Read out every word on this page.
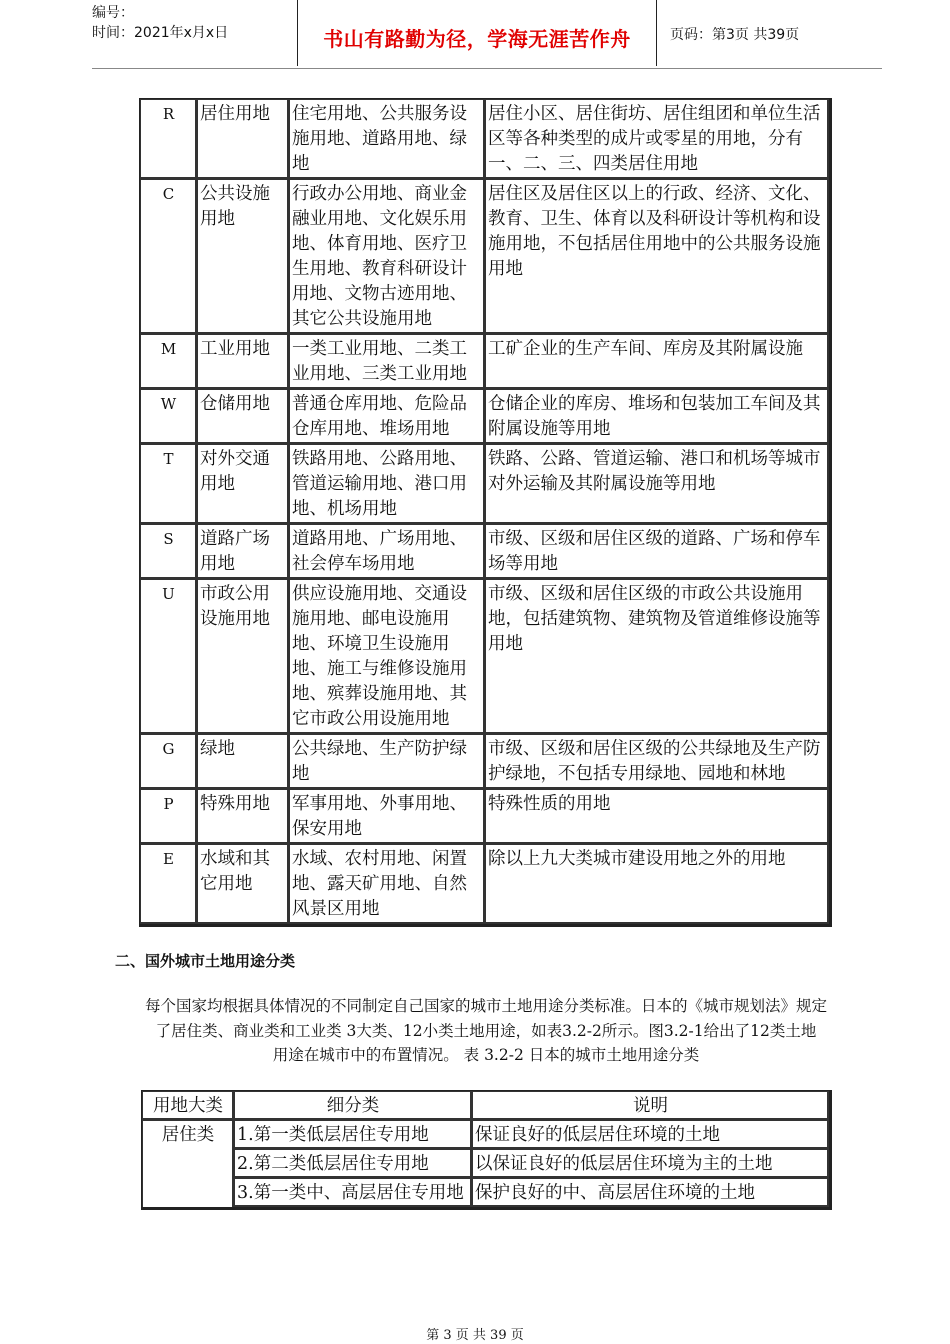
编号：
时间：2021年x月x日	书山有路勤为径，学海无涯苦作舟	页码：第3页 共39页
R	居住用地	住宅用地、公共服务设施用地、道路用地、绿地	居住小区、居住街坊、居住组团和单位生活区等各种类型的成片或零星的用地，分有一、二、三、四类居住用地
C	公共设施用地	行政办公用地、商业金融业用地、文化娱乐用地、体育用地、医疗卫生用地、教育科研设计用地、文物古迹用地、其它公共设施用地	居住区及居住区以上的行政、经济、文化、教育、卫生、体育以及科研设计等机构和设施用地，不包括居住用地中的公共服务设施用地
M	工业用地	一类工业用地、二类工业用地、三类工业用地	工矿企业的生产车间、库房及其附属设施
W	仓储用地	普通仓库用地、危险品仓库用地、堆场用地	仓储企业的库房、堆场和包装加工车间及其附属设施等用地
T	对外交通用地	铁路用地、公路用地、管道运输用地、港口用地、机场用地	铁路、公路、管道运输、港口和机场等城市对外运输及其附属设施等用地
S	道路广场用地	道路用地、广场用地、社会停车场用地	市级、区级和居住区级的道路、广场和停车场等用地
U	市政公用设施用地	供应设施用地、交通设施用地、邮电设施用地、环境卫生设施用地、施工与维修设施用地、殡葬设施用地、其它市政公用设施用地	市级、区级和居住区级的市政公共设施用地，包括建筑物、建筑物及管道维修设施等用地
G	绿地	公共绿地、生产防护绿地	市级、区级和居住区级的公共绿地及生产防护绿地，不包括专用绿地、园地和林地
P	特殊用地	军事用地、外事用地、保安用地	特殊性质的用地
E	水域和其它用地	水域、农村用地、闲置地、露天矿用地、自然风景区用地	除以上九大类城市建设用地之外的用地
二、国外城市土地用途分类
每个国家均根据具体情况的不同制定自己国家的城市土地用途分类标准。日本的《城市规划法》规定
了居住类、商业类和工业类 3大类、12小类土地用途，如表3.2-2所示。图3.2-1给出了12类土地
用途在城市中的布置情况。 表 3.2-2 日本的城市土地用途分类
用地大类	细分类	说明
居住类	1.第一类低层居住专用地	保证良好的低层居住环境的土地
	2.第二类低层居住专用地	以保证良好的低层居住环境为主的土地
	3.第一类中、高层居住专用地	保护良好的中、高层居住环境的土地
第 3 页 共 39 页
